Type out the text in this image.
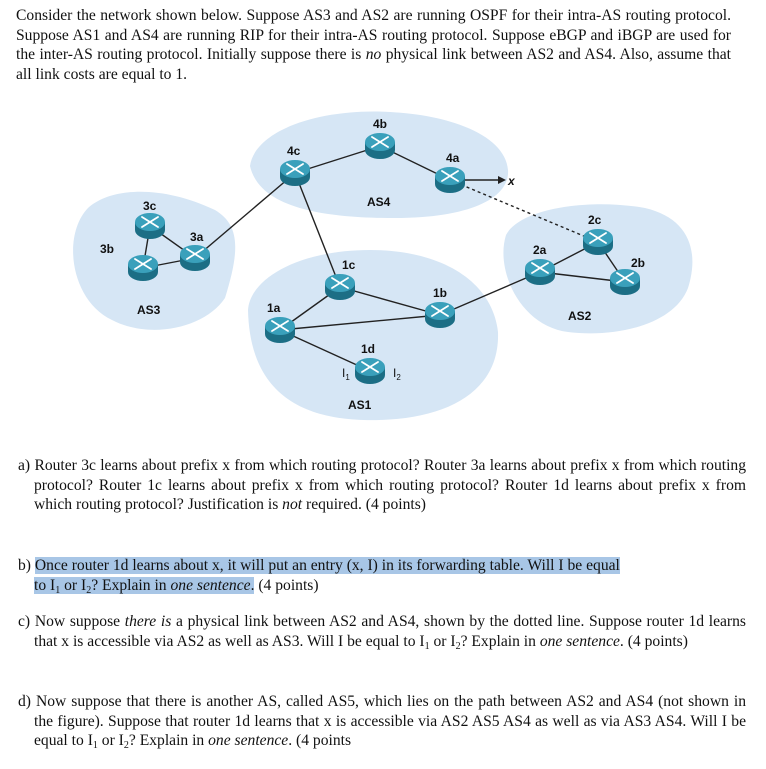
Consider the network shown below. Suppose AS3 and AS2 are running OSPF for their intra-AS routing protocol. Suppose AS1 and AS4 are running RIP for their intra-AS routing protocol. Suppose eBGP and iBGP are used for the inter-AS routing protocol. Initially suppose there is no physical link between AS2 and AS4. Also, assume that all link costs are equal to 1.
3c
3b
3a
4c
4b
4a
1a
1c
1b
1d
2a
2c
2b
$I_1$	$I_2$
x
AS4
AS3
AS1
AS2
a) Router 3c learns about prefix x from which routing protocol? Router 3a learns about prefix x from which routing protocol? Router 1c learns about prefix x from which routing protocol? Router 1d learns about prefix x from which routing protocol? Justification is not required. (4 points)
b) Once router 1d learns about x, it will put an entry (x, I) in its forwarding table. Will I be equal
to $I_1$ or $I_2$? Explain in one sentence. (4 points)
c) Now suppose there is a physical link between AS2 and AS4, shown by the dotted line. Suppose router 1d learns that x is accessible via AS2 as well as AS3. Will I be equal to $I_1$ or $I_2$? Explain in one sentence. (4 points)
d) Now suppose that there is another AS, called AS5, which lies on the path between AS2 and AS4 (not shown in the figure). Suppose that router 1d learns that x is accessible via AS2 AS5 AS4 as well as via AS3 AS4. Will I be equal to $I_1$ or $I_2$? Explain in one sentence. (4 points
